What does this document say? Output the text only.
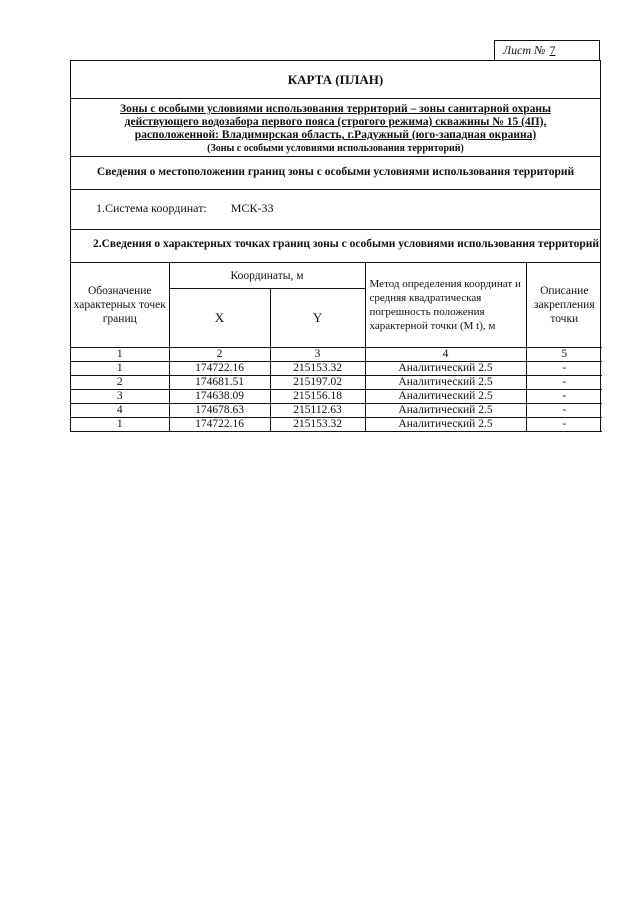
Лист № 7
КАРТА (ПЛАН)
Зоны с особыми условиями использования территорий – зоны санитарной охраны
действующего водозабора первого пояса (строгого режима) скважины № 15 (4П),
расположенной: Владимирская область, г.Радужный (юго-западная окраина)
(Зоны с особыми условиями использования территорий)
Сведения о местоположении границ зоны с особыми условиями использования территорий
1.Система координат: МСК-33
2.Сведения о характерных точках границ зоны с особыми условиями использования территорий
Обозначение характерных точек границ	Координаты, м		Метод определения координат и средняя квадратическая погрешность положения характерной точки (М t), м	Описание закрепления точки
	X	Y		
1	2	3	4	5
1	174722.16	215153.32	Аналитический 2.5	-
2	174681.51	215197.02	Аналитический 2.5	-
3	174638.09	215156.18	Аналитический 2.5	-
4	174678.63	215112.63	Аналитический 2.5	-
1	174722.16	215153.32	Аналитический 2.5	-
